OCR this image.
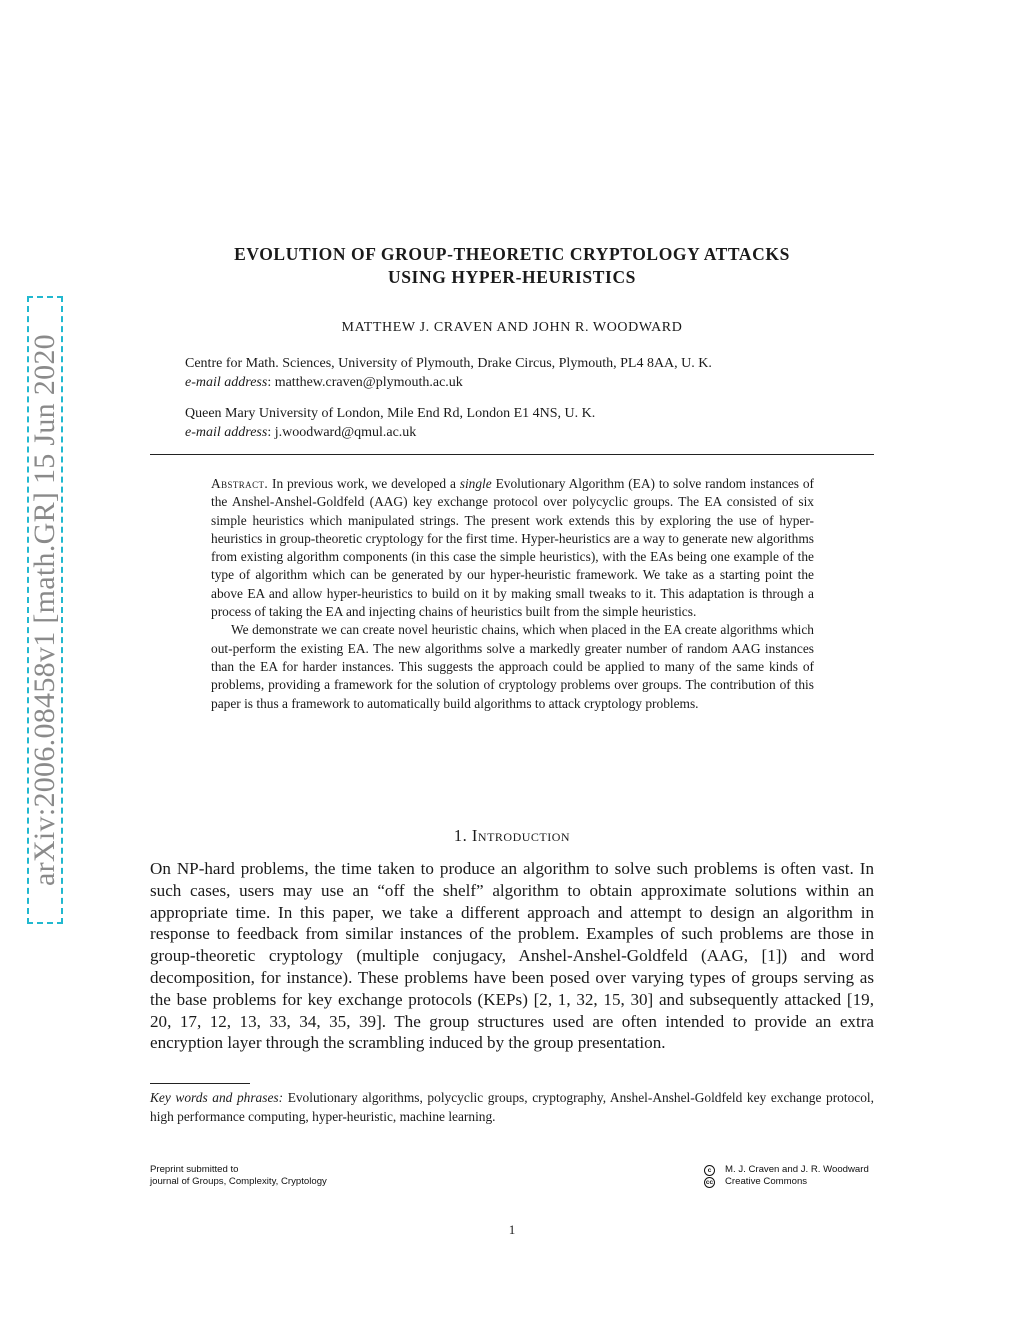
arXiv:2006.08458v1 [math.GR] 15 Jun 2020
EVOLUTION OF GROUP-THEORETIC CRYPTOLOGY ATTACKS
USING HYPER-HEURISTICS
MATTHEW J. CRAVEN AND JOHN R. WOODWARD
Centre for Math. Sciences, University of Plymouth, Drake Circus, Plymouth, PL4 8AA, U. K.
e-mail address: matthew.craven@plymouth.ac.uk
Queen Mary University of London, Mile End Rd, London E1 4NS, U. K.
e-mail address: j.woodward@qmul.ac.uk

Abstract. In previous work, we developed a single Evolutionary Algorithm (EA) to solve random instances of the Anshel-Anshel-Goldfeld (AAG) key exchange protocol over polycyclic groups. The EA consisted of six simple heuristics which manipulated strings. The present work extends this by exploring the use of hyper-heuristics in group-theoretic cryptology for the first time. Hyper-heuristics are a way to generate new algorithms from existing algorithm components (in this case the simple heuristics), with the EAs being one example of the type of algorithm which can be generated by our hyper-heuristic framework. We take as a starting point the above EA and allow hyper-heuristics to build on it by making small tweaks to it. This adaptation is through a process of taking the EA and injecting chains of heuristics built from the simple heuristics.

We demonstrate we can create novel heuristic chains, which when placed in the EA create algorithms which out-perform the existing EA. The new algorithms solve a markedly greater number of random AAG instances than the EA for harder instances. This suggests the approach could be applied to many of the same kinds of problems, providing a framework for the solution of cryptology problems over groups. The contribution of this paper is thus a framework to automatically build algorithms to attack cryptology problems.

1. Introduction

On NP-hard problems, the time taken to produce an algorithm to solve such problems is often vast. In such cases, users may use an “off the shelf” algorithm to obtain approximate solutions within an appropriate time. In this paper, we take a different approach and attempt to design an algorithm in response to feedback from similar instances of the problem. Examples of such problems are those in group-theoretic cryptology (multiple conjugacy, Anshel-Anshel-Goldfeld (AAG, [1]) and word decomposition, for instance). These problems have been posed over varying types of groups serving as the base problems for key exchange protocols (KEPs) [2, 1, 32, 15, 30] and subsequently attacked [19, 20, 17, 12, 13, 33, 34, 35, 39]. The group structures used are often intended to provide an extra encryption layer through the scrambling induced by the group presentation.

Key words and phrases: Evolutionary algorithms, polycyclic groups, cryptography, Anshel-Anshel-Goldfeld key exchange protocol, high performance computing, hyper-heuristic, machine learning.

Preprint submitted to
journal of Groups, Complexity, Cryptology
c	M. J. Craven and J. R. Woodward
cc Creative Commons
1
